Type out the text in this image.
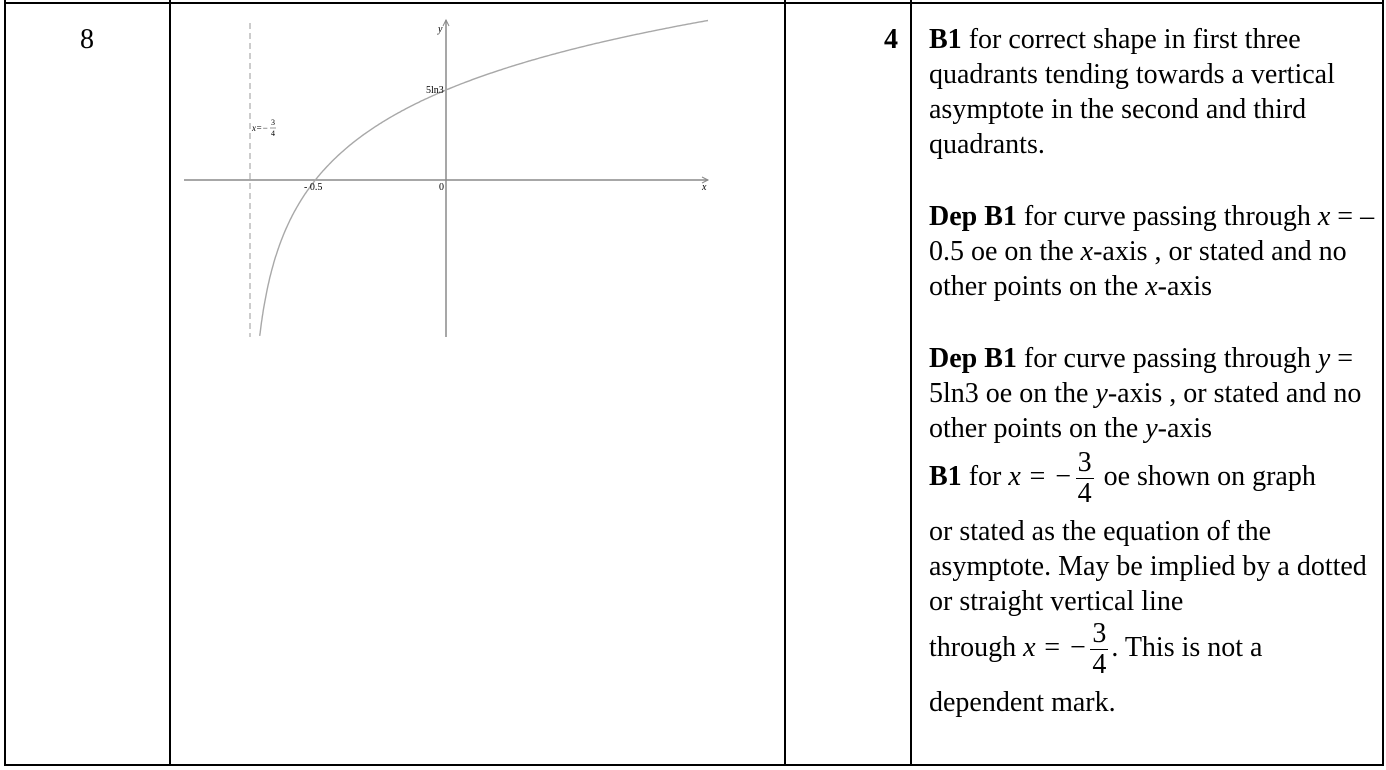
8	y
x
- 0.5	0
5ln3
x=−
3
4
4 B1 for correct shape in first three quadrants tending towards a vertical asymptote in the second and third quadrants.

Dep B1 for curve passing through x = –0.5 oe on the x-axis , or stated and no other points on the x-axis

Dep B1 for curve passing through y = 5ln3 oe on the y-axis , or stated and no other points on the y-axis

B1 for x = − $\frac{3}{4}$ oe shown on graph

or stated as the equation of the asymptote. May be implied by a dotted or straight vertical line

through x = − $\frac{3}{4}$ . This is not a

dependent mark.
